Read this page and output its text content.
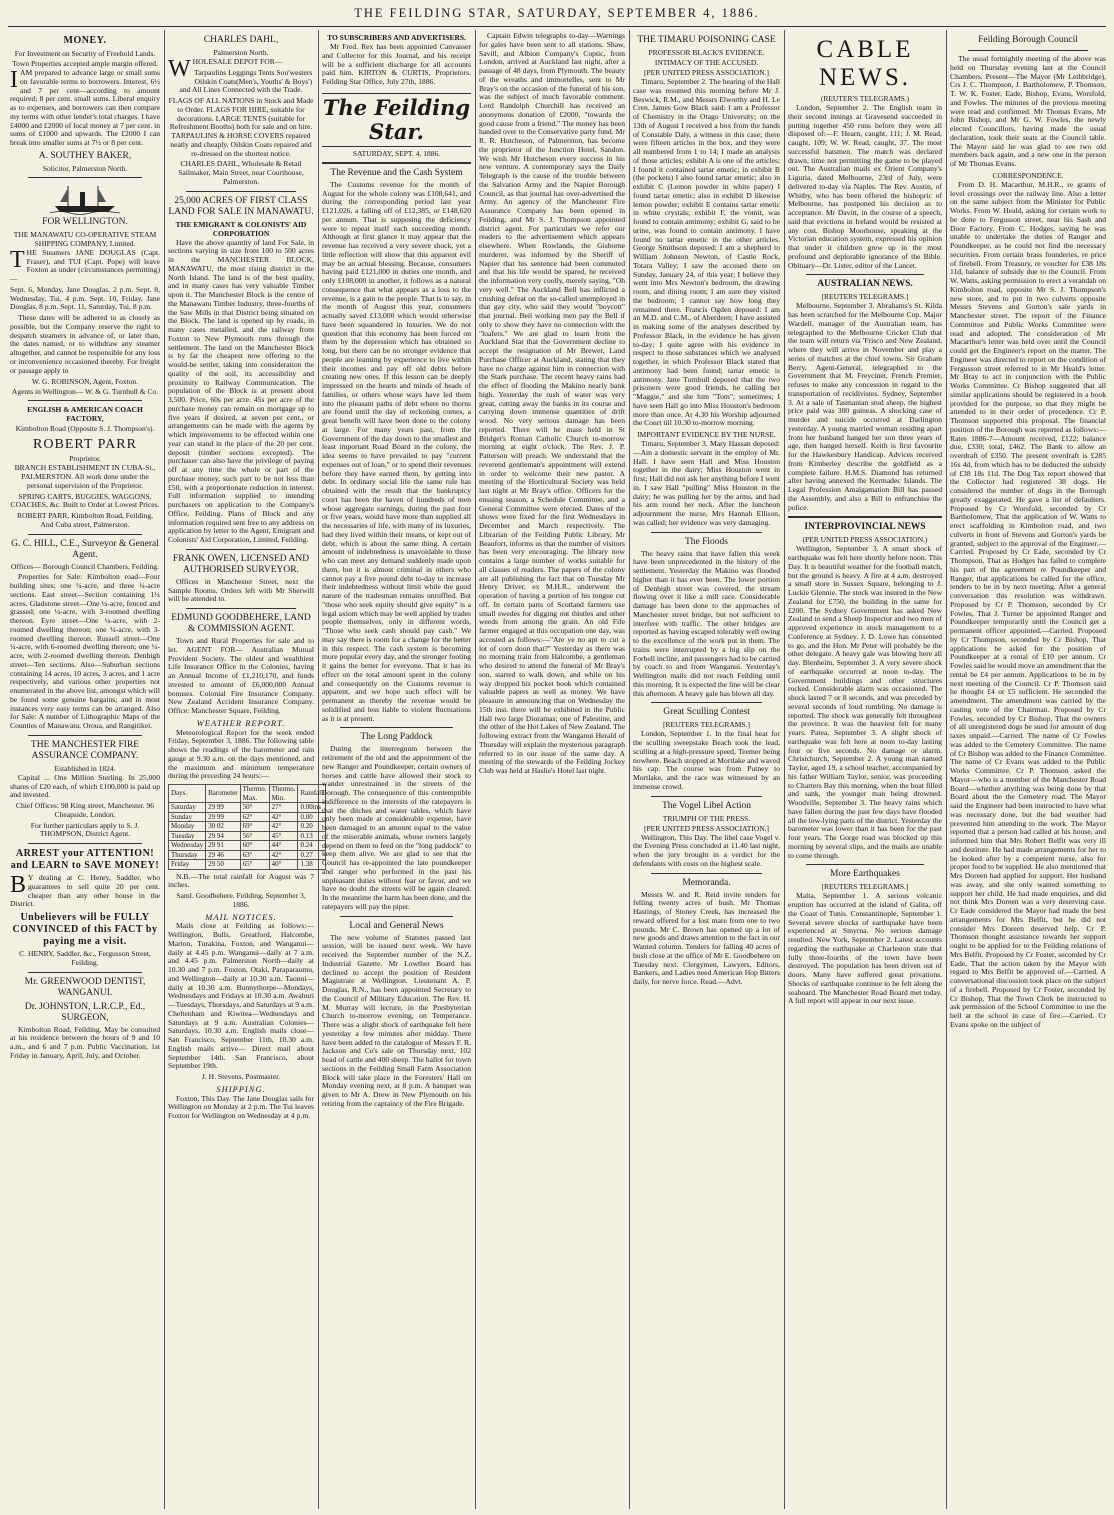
THE FEILDING STAR, SATURDAY, SEPTEMBER 4, 1886.
MONEY.
For Investment on Security of Freehold Lands.
Town Properties accepted ample margin offered.

IAM prepared to advance large or small sums on favorable terms to borrowers. Interest, 6½ and 7 per cent—according to amount required; 8 per cent. small sums. Liberal enquiry as to expenses, and borrowers can then compare my terms with other lender's total charges. I have £4000 and £2000 of local money at 7 per cent. in sums of £1000 and upwards. The £2000 I can break into smaller sums at 7½ or 8 per cent.

A. SOUTHEY BAKER,
Solicitor, Palmerston North.
FOR WELLINGTON.
THE MANAWATU CO-OPERATIVE STEAM SHIPPING COMPANY, Limited.

THE Steamers JANE DOUGLAS (Capt. Fraser), and TUI (Capt. Pope) will leave Foxton as under (circumstances permitting)—

Sept. 6, Monday, Jane Douglas, 2 p.m. Sept. 8, Wednesday, Tui, 4 p.m. Sept. 10, Friday, Jane Douglas, 8 p.m. Sept. 11, Saturday, Tui, 8 p.m.

These dates will be adhered to as closely as possible, but the Company reserve the right to despatch steamers in advance of, or later than, the dates named, or to withdraw any steamer altogether, and cannot be responsible for any loss or inconvenience occasioned thereby. For freight or passage apply to

W. G. ROBINSON, Agent, Foxton.
Agents in Wellington— W. & G. Turnbull & Co.
ENGLISH & AMERICAN COACH FACTORY,
Kimbolton Road (Opposite S. J. Thompson's).
ROBERT PARR
Proprietor.

BRANCH ESTABLISHMENT IN CUBA-St., PALMERSTON. All work done under the personal supervision of the Proprietor.

SPRING CARTS, BUGGIES, WAGGONS, COACHES, &c. Built to Order at Lowest Prices.

ROBERT PARR, Kimbolton Road, Feilding, And Cuba street, Palmerston.

G. C. HILL, C.E., Surveyor & General Agent.

Offices— Borough Council Chambers, Feilding.

Properties for Sale: Kimbolton road—Four building sites; one ¼-acre, and three ¼-acre sections. East street—Section containing 1¼ acres. Gladstone street—One ¼-acre, fenced and grassed; one ¼-acre, with 3-roomed dwelling thereon. Eyre street—One ¼-acre, with 2-roomed dwelling thereon; one ¼-acre, with 3-roomed dwelling thereon. Russell street—One ¼-acre, with 6-roomed dwelling thereon; one ¼-acre, with 2-roomed dwelling thereon. Denbigh street—Ten sections. Also—Suburban sections containing 14 acres, 10 acres, 3 acres, and 1 acre respectively, and various other properties not enumerated in the above list, amongst which will be found some genuine bargains; and in most instances very easy terms can be arranged. Also for Sale: A number of Lithographic Maps of the Counties of Manawatu, Oroua, and Rangitikei.

THE MANCHESTER FIRE ASSURANCE COMPANY.
Established in 1824.

Capital ... One Million Sterling. In 25,000 shares of £20 each, of which £100,000 is paid up and invested.

Chief Offices: 98 King street, Manchester. 96 Cheapside, London.

For further particulars apply to S. J. THOMPSON, District Agent.

ARREST your ATTENTION! and LEARN to SAVE MONEY!

B Y dealing at C. Henry, Saddler, who guarantees to sell quite 20 per cent. cheaper than any other house in the District.

Unbelievers will be FULLY CONVINCED of this FACT by paying me a visit.

C. HENRY, Saddler, &c., Fergusson Street, Feilding.

Mr. GREENWOOD DENTIST, WANGANUI.
Dr. JOHNSTON, L.R.C.P., Ed., SURGEON,

Kimbolton Road, Feilding. May be consulted at his residence between the hours of 9 and 10 a.m., and 6 and 7 p.m. Public Vaccination, 1st Friday in January, April, July, and October.

CHARLES DAHL,
Palmerston North.

WHOLESALE DEPOT FOR—

Tarpaulins Leggings Tents Sou'westers Oilskin Coats(Men's, Youths' & Boys') and All Lines Connected with the Trade.

FLAGS OF ALL NATIONS in Stock and Made to Order. FLAGS FOR HIRE, suitable for decorations. LARGE TENTS (suitable for Refreshment Booths) both for sale and on hire. TARPAULINS & HORSE COVERS repaired neatly and cheaply. Oilskin Coats repaired and re-dressed on the shortest notice.

CHARLES DAHL, Wholesale & Retail Sailmaker, Main Street, near Courthouse, Palmerston.

25,000 ACRES OF FIRST CLASS LAND FOR SALE IN MANAWATU.
THE EMIGRANT & COLONISTS' AID CORPORATION

Have the above quantity of land For Sale, in sections varying in size from 100 to 500 acres in the MANCHESTER BLOCK, MANAWATU, the most rising district in the North Island. The land is of the best quality, and in many cases has very valuable Timber upon it. The Manchester Block is the centre of the Manawatu Timber Industry, three-fourths of the Saw Mills in that District being situated on the Block. The land is opened up by roads, in many cases metalled, and the railway from Foxton to New Plymouth runs through the settlement. The land on the Manchester Block is by far the cheapest now offering to the would-be settler, taking into consideration the quality of the soil, its accessibility and proximity to Railway Communication. The population of the Block is at present about 3,500. Price, 60s per acre. 45s per acre of the purchase money can remain on mortgage up to five years if desired, at seven per cent., or arrangements can be made with the agents by which improvements to be effected within one year can stand in the place of the 20 per cent. deposit (timber sections excepted). The purchaser can also have the privilege of paying off at any time the whole or part of the purchase money, such part to be not less than £50, with a proportionate reduction in interest. Full information supplied to intending purchasers on application to the Company's Office, Feilding. Plans of Block and any information required sent free to any address on application by letter to the Agent, Emigrant and Colonists' Aid Corporation, Limited, Feilding.

FRANK OWEN, LICENSED AND AUTHORISED SURVEYOR.

Offices in Manchester Street, next the Sample Rooms. Orders left with Mr Sherwill will be attended to.

EDMUND GOODBEHERE, LAND & COMMISSION AGENT.

Town and Rural Properties for sale and to let. AGENT FOR— Australian Mutual Provident Society. The oldest and wealthiest Life Insurance Office in the Colonies, having an Annual Income of £1,210,170, and funds invested to amount of £6,000,000 Annual bonuses. Colonial Fire Insurance Company. New Zealand Accident Insurance Company. Office: Manchester Square, Feilding.

WEATHER REPORT.

Meteorological Report for the week ended Friday, September 3, 1886. The following table shows the readings of the barometer and rain gauge at 9.30 a.m. on the days mentioned, and the maximum and minimum temperature during the preceding 24 hours:—

Days.	Barometer	Thermo. Max.	Thermo. Min.	Rainfall
Saturday	29 99	50°	27°	0.00ins
Sunday	29 99	62°	42°	0.00
Monday	30 02	69°	42°	0.20
Tuesday	29 94	56°	45°	0.13
Wednesday	29 91	60°	44°	0.24
Thursday	29 46	63°	42°	0.27
Friday	29 50	65°	40°	1.38

N.B.—The total rainfall for August was 7 inches.

Saml. Goodbehere. Feilding, September 3, 1886.

MAIL NOTICES.

Mails close at Feilding as follows:— Wellington, Bulls, Greatford, Halcombe, Marton, Turakina, Foxton, and Wanganui—daily at 4.45 p.m. Wanganui—daily at 7 a.m. and 4.45 p.m. Palmerston North—daily at 10.30 and 7 p.m. Foxton, Otaki, Paraparaumu, and Wellington—daily at 10.30 a.m. Taonui—daily at 10.30 a.m. Bunnythorpe—Mondays, Wednesdays and Fridays at 10.30 a.m. Awahuri—Tuesdays, Thursdays, and Saturdays at 9 a.m. Cheltenham and Kiwitea—Wednesdays and Saturdays at 9 a.m. Australian Colonies—Saturdays, 10.30 a.m. English mails close— San Francisco, September 11th, 10.30 a.m. English mails arrive— Direct mail about September 14th. San Francisco, about September 19th.

J. H. Stevens, Postmaster.

SHIPPING.

Foxton, This Day. The Jane Douglas sails for Wellington on Monday at 2 p.m. The Tui leaves Foxton for Wellington on Wednesday at 4 p.m.

TO SUBSCRIBERS AND ADVERTISERS.

Mr Fred. Rex has been appointed Canvasser and Collector for this Journal, and his receipt will be a sufficient discharge for all accounts paid him. KIRTON & CURTIS, Proprietors. Feilding Star Office, July 27th, 1886.

The Feilding Star.
SATURDAY, SEPT. 4, 1886.
The Revenue and the Cash System

The Customs revenue for the month of August for the whole colony was £108,641, and during the corresponding period last year £121,026, a falling off of £12,385, or £148,620 per annum. That is supposing the deficiency were to repeat itself each succeeding month. Although at first glance it may appear that the revenue has received a very severe shock, yet a little reflection will show that this apparent evil may be an actual blessing. Because, consumers having paid £121,000 in duties one month, and only £108,000 in another, it follows as a natural consequence that what appears as a loss to the revenue, is a gain to the people. That is to say, in the month of August this year, consumers actually saved £13,000 which would otherwise have been squandered in luxuries. We do not question that this economy has been forced on them by the depression which has obtained so long, but there can be no stronger evidence that people are learning by experience to live within their incomes and pay off old debts before creating new ones. If this lesson can be deeply impressed on the hearts and minds of heads of families, or others whose ways have led them into the pleasant paths of debt where no thorns are found until the day of reckoning comes, a great benefit will have been done to the colony at large. For many years past, from the Government of the day down to the smallest and least important Road Board in the colony, the idea seems to have prevailed to pay "current expenses out of loan," or to spend their revenues before they have earned them, by getting into debt. In ordinary social life the same rule has obtained with the result that the bankruptcy court has been the haven of hundreds of men whose aggregate earnings, during the past four or five years, would have more than supplied all the necessaries of life, with many of its luxuries, had they lived within their means, or kept out of debt, which is about the same thing. A certain amount of indebtedness is unavoidable to those who can meet any demand suddenly made upon them, but it is almost criminal in others who cannot pay a five pound debt to-day to increase their indebtedness without limit while the good nature of the tradesman remains unruffled. But "those who seek equity should give equity" is a legal axiom which may be well applied by trades people themselves, only in different words, "Those who seek cash should pay cash." We may say there is room for a change for the better in this respect. The cash system is becoming more popular every day, and the stronger footing it gains the better for everyone. That it has its effect on the total amount spent in the colony and consequently on the Customs revenue is apparent, and we hope such effect will be permanent as thereby the revenue would be solidified and less liable to violent fluctuations as it is at present.

The Long Paddock

During the interregnum between the retirement of the old and the appointment of the new Ranger and Poundkeeper, certain owners of horses and cattle have allowed their stock to wander unrestrained in the streets of the Borough. The consequence of this contemptible indifference to the interests of the ratepayers is that the ditches and water tables, which have only been made at considerable expense, have been damaged to an amount equal to the value of the miserable animals, whose owners largely depend on them to feed on the "long paddock" to keep them alive. We are glad to see that the Council has re-appointed the late poundkeeper and ranger who performed in the past his unpleasant duties without fear or favor, and we have no doubt the streets will be again cleared. In the meantime the harm has been done, and the ratepayers will pay the piper.

Local and General News

The new volume of Statutes passed last session, will be issued next week. We have received the September number of the N.Z. Industrial Gazette. Mr Lowther Board has declined to accept the position of Resident Magistrate at Wellington. Lieutenant A. P. Douglas, R.N., has been appointed Secretary to the Council of Military Education. The Rev. H. M. Murray will lecture, in the Presbyterian Church to-morrow evening, on Temperance. There was a slight shock of earthquake felt here yesterday a few minutes after midday. There have been added to the catalogue of Messrs F. R. Jackson and Co's sale on Thursday next, 102 head of cattle and 400 sheep. The ballot for town sections in the Feilding Small Farm Association Block will take place in the Foresters' Hall on Monday evening next, at 8 p.m. A banquet was given to Mr A. Drew in New Plymouth on his retiring from the captaincy of the Fire Brigade.

Captain Edwin telegraphs to-day—Warnings for gales have been sent to all stations. Shaw, Savill, and Albion Company's Coptic, from London, arrived at Auckland last night, after a passage of 48 days, from Plymouth. The beauty of the wreaths and immortelles, sent to Mr Bray's on the occasion of the funeral of his son, was the subject of much favorable comment. Lord Randolph Churchill has received an anonymous donation of £2000, "towards the good cause from a friend." The money has been handed over to the Conservative party fund. Mr R. R. Hutcheson, of Palmerston, has become the proprietor of the Junction Hotel, Sandon. We wish Mr Hutcheson every success in his new venture. A contemporary says the Daily Telegraph is the cause of the trouble between the Salvation Army and the Napier Borough Council, as that journal has over-advertised the Army. An agency of the Manchester Fire Assurance Company has been opened in Feilding, and Mr S. J. Thompson appointed district agent. For particulars we refer our readers to the advertisement which appears elsewhere. When Rowlands, the Gisborne murderer, was informed by the Sheriff of Napier that his sentence had been commuted and that his life would be spared, he received the information very coolly, merely saying, "Oh very well." The Auckland Bell has inflicted a crushing defeat on the so-called unemployed in that gay city, who said they would "boycott" that journal. Beil working men pay the Bell if only to show they have no connection with the "loafers." We are glad to learn from the Auckland Star that the Government decline to accept the resignation of Mr Brewer, Land Purchase Officer at Auckland, stating that they have no charge against him in connection with the Stark purchase. The recent heavy rains had the effect of flooding the Makino nearly bank high. Yesterday the rush of water was very great, cutting away the banks in its course and carrying down immense quantities of drift wood. No very serious damage has been reported. There will be mass held in St Bridget's Roman Catholic Church to-morrow morning at eight o'clock. The Rev. J. P. Patterson will preach. We understand that the reverend gentleman's appointment will extend in order to welcome their new pastor. A meeting of the Horticultural Society was held last night at Mr Bray's office. Officers for the ensuing season, a Schedule Committee, and a General Committee were elected. Dates of the shows were fixed for the first Wednesdays in December and March respectively. The Librarian of the Feilding Public Library, Mr Beaufort, informs us that the number of visitors has been very encouraging. The library now contains a large number of works suitable for all classes of readers. The papers of the colony are all publishing the fact that on Tuesday Mr Henry Driver, ex M.H.R., underwent the operation of having a portion of his tongue cut off. In certain parts of Scotland farmers use small swedes for digging out thistles and other weeds from among the grain. An old Fife farmer engaged at this occupation one day, was accosted as follows:—"Are ye no apt to cut a lot of corn doon that?" Yesterday as there was no morning train from Halcombe, a gentleman who desired to attend the funeral of Mr Bray's son, started to walk down, and while on his way dropped his pocket book which contained valuable papers as well as money. We have pleasure in announcing that on Wednesday the 15th inst. there will be exhibited in the Public Hall two large Dioramas; one of Palestine, and the other of the Hot Lakes of New Zealand. The following extract from the Wanganui Herald of Thursday will explain the mysterious paragraph referred to in our issue of the same day. A meeting of the stewards of the Feilding Jockey Club was held at Haslie's Hotel last night.

THE TIMARU POISONING CASE
PROFESSOR BLACK'S EVIDENCE.
INTIMACY OF THE ACCUSED.
[PER UNITED PRESS ASSOCIATION.]

Timaru, September 2. The hearing of the Hall case was resumed this morning before Mr J. Beswick, R.M., and Messrs Elworthy and H. Le Cren. James Gow Black said: I am a Professor of Chemistry in the Otago University; on the 13th of August I received a box from the hands of Constable Daly, a witness in this case; there were fifteen articles in the box, and they were all numbered from 1 to 14; I made an analysis of those articles; exhibit A is one of the articles; I found it contained tartar emetic; in exhibit B (the pockets) I also found tartar emetic; also in exhibit C (Lemon powder in white paper) I found tartar emetic; also in exhibit D likewise lemon powder; exhibit E contains tartar emetic in white crystals; exhibit F, the vomit, was found to contain antimony; exhibit G, said to be urine, was found to contain antimony. I have found no tartar emetic in the other articles. George Smithson deposed: I am a shepherd to William Johnson Newton, of Castle Rock, Totara Valley; I saw the accused there on Sunday, January 24, of this year; I believe they went into Mrs Newton's bedroom, the drawing room, and dining room; I am sure they visited the bedroom; I cannot say how long they remained there. Francis Ogden deposed: I am an M.D. and C.M., of Aberdeen; I have assisted in making some of the analyses described by Professor Black, in the evidence he has given to-day; I quite agree with his evidence in respect to those substances which we analysed together, in which Professor Black stated that antimony had been found; tartar emetic is antimony. Jane Turnbull deposed that the two prisoners were good friends, he calling her "Maggie," and she him "Tom"; sometimes; I have seen Hall go into Miss Houston's bedroom more than once. At 4.30 his Worship adjourned the Court till 10.30 to-morrow morning.

IMPORTANT EVIDENCE BY THE NURSE.

Timaru, September 3. Mary Hassan deposed:—Am a domestic servant in the employ of Mr. Hall. I have seen Hall and Miss Houston together in the dairy; Miss Houston went in first; Hall did not ask her anything before I went in. I saw Hall "pulling" Miss Houston in the dairy; he was pulling her by the arms, and had his arm round her neck. After the luncheon adjournment the nurse, Mrs Hannah Ellison, was called; her evidence was very damaging.

The Floods

The heavy rains that have fallen this week have been unprecedented in the history of the settlement. Yesterday the Makino was flooded higher than it has ever been. The lower portion of Denbigh street was covered, the stream flowing over it like a mill race. Considerable damage has been done to the approaches of Manchester street bridge, but not sufficient to interfere with traffic. The other bridges are reported as having escaped tolerably well owing to the excellence of the work put in them. The trains were interrupted by a big slip on the Forbell incline, and passengers had to be carried by coach to and from Wanganui. Yesterday's Wellington mails did not reach Feilding until this morning. It is expected the line will be clear this afternoon. A heavy gale has blown all day.

Great Sculling Contest
[REUTERS TELEGRAMS.]

London, September 1. In the final heat for the sculling sweepstake Beach took the lead, sculling at a high-pressure speed, Teemer being nowhere. Beach stopped at Mortlake and waved his cap. The course was from Putney to Mortlake, and the race was witnessed by an immense crowd.

The Vogel Libel Action
TRIUMPH OF THE PRESS.
[PER UNITED PRESS ASSOCIATION.]

Wellington, This Day. The libel case Vogel v. the Evening Press concluded at 11.40 last night, when the jury brought in a verdict for the defendants with costs on the highest scale.

Memoranda.

Messrs W. and R. Reid invite tenders for felling twenty acres of bush. Mr Thomas Hastings, of Stoney Creek, has increased the reward offered for a lost mare from one to two pounds. Mr C. Brown has opened up a lot of new goods and draws attention to the fact in our Wanted column. Tenders for falling 40 acres of bush close at the office of Mr E. Goodbehere on Tuesday next. Clergymen, Lawyers, Editors, Bankers, and Ladies need American Hop Bitters daily, for nerve force. Read.—Advt.

CABLE NEWS.
(REUTER'S TELEGRAMS.)

London, September 2. The English team in their second innings at Gravesend succeeded in putting together 450 runs before they were all disposed of:—F. Hearn, caught, 111; J. M. Read, caught, 109; W. W. Read, caught, 37. The most successful batsmen. The match was declared drawn, time not permitting the game to be played out. The Australian mails ex Orient Company's Liguria, dated Melbourne, 23rd of July, were delivered to-day via Naples. The Rev. Austin, of Whitby, who has been offered the bishopric of Melbourne, has postponed his decision as to acceptance. Mr Davitt, in the course of a speech, said that evictions in Ireland would be resisted at any cost. Bishop Moorhouse, speaking at the Victorian education system, expressed his opinion that under it children grew up in the most profound and deplorable ignorance of the Bible. Obituary—Dr. Lister, editor of the Lancet.

AUSTRALIAN NEWS.
[REUTERS TELEGRAMS.]

Melbourne, September 3. Abrahams's St. Kilda has been scratched for the Melbourne Cup. Major Wardell, manager of the Australian team, has telegraphed to the Melbourne Cricket Club that the team will return via 'Frisco and New Zealand, where they will arrive in November and play a series of matches at the chief towns. Sir Graham Berry, Agent-General, telegraphed to the Government that M. Freycinet, French Premier, refuses to make any concession in regard to the transportation of recidivistes. Sydney, September 3. At a sale of Tasmanian stud sheep, the highest price paid was 300 guineas. A shocking case of murder and suicide occurred at Darlington yesterday. A young married woman residing apart from her husband hanged her son three years of age, then hanged herself. Keith is first favourite for the Hawkesbury Handicap. Advices received from Kimberley describe the goldfield as a complete failure. H.M.S. Diamond has returned after having annexed the Kermadec Islands. The Legal Profession Amalgamation Bill has passed the Assembly, and also a Bill to enfranchise the police.

INTERPROVINCIAL NEWS
(PER UNITED PRESS ASSOCIATION.)

Wellington, September 3. A smart shock of earthquake was felt here shortly before noon. This Day. It is beautiful weather for the football match, but the ground is heavy. A fire at 4 a.m. destroyed a small store in Sussex Square, belonging to J. Luckie Glennie. The stock was insured in the New Zealand for £750, the building in the same for £200. The Sydney Government has asked New Zealand to send a Sheep Inspector and two men of approved experience in stock management to a Conference at Sydney. J. D. Lowe has consented to go, and the Hon. Mr Peter will probably be the other delegate. A heavy gale was blowing here all day. Blenheim, September 3. A very severe shock of earthquake occurred at noon to-day. The Government buildings and other structures rocked. Considerable alarm was occasioned. The shock lasted 7 or 8 seconds, and was preceded by several seconds of loud rumbling. No damage is reported. The shock was generally felt throughout the province. It was the heaviest felt for many years. Patea, September 3. A slight shock of earthquake was felt here at noon to-day lasting four or five seconds. No damage or alarm. Christchurch, September 2. A young man named Taylor, aged 19, a school teacher, accompanied by his father William Taylor, senior, was proceeding to Charters Bay this morning, when the boat filled and sank, the younger man being drowned. Woodville, September 3. The heavy rains which have fallen during the past few days have flooded all the low-lying parts of the district. Yesterday the barometer was lower than it has been for the past four years. The Gorge road was blocked up this morning by several slips, and the mails are unable to come through.

More Earthquakes
[REUTERS TELEGRAMS.]

Malta, September 1. A serious volcanic eruption has occurred at the island of Galita, off the Coast of Tunis. Constantinople, September 1. Several severe shocks of earthquake have been experienced at Smyrna. No serious damage resulted. New York, September 2. Latest accounts regarding the earthquake at Charleston state that fully three-fourths of the town have been destroyed. The population has been driven out of doors. Many have suffered great privations. Shocks of earthquake continue to be felt along the seaboard. The Manchester Road Board met today. A full report will appear in our next issue.

Feilding Borough Council

The usual fortnightly meeting of the above was held on Thursday evening last at the Council Chambers. Present—The Mayor (Mr Lethbridge), Crs J. C. Thompson, J. Bartholomew, P. Thomson, T. W. K. Foster, Eade, Bishop, Evans, Worsfold, and Fowles. The minutes of the previous meeting were read and confirmed. Mr Thomas Evans, Mr John Bishop, and Mr G. W. Fowles, the newly elected Councillors, having made the usual declaration, took their seats at the Council table. The Mayor said he was glad to see two old members back again, and a new one in the person of Mr Thomas Evans.

CORRESPONDENCE.

From D. H. Macarthur, M.H.R., re grants of level crossings over the railway line. Also a letter on the same subject from the Minister for Public Works. From W. Heald, asking for certain work to be done to Fergusson street, near his Sash and Door Factory. From C. Hodges, saying he was unable to undertake the duties of Ranger and Poundkeeper, as he could not find the necessary securities. From certain brass founderies, re price of firebell. From Treasury, re voucher for £38 18s 11d, balance of subsidy due to the Council. From W. Watts, asking permission to erect a verandah on Kimbolton road, opposite Mr S. J. Thompson's new store, and to put in two culverts opposite Messrs Stevens and Gorton's sale yards in Manchester street. The report of the Finance Committee and Public Works Committee were read and adopted. The consideration of Mr Macarthur's letter was held over until the Council could get the Engineer's report on the matter. The Engineer was directed to report on the condition of Fergusson street referred to in Mr Heald's letter. Mr Bray to act in conjunction with the Public Works Committee. Cr Bishop suggested that all similar applications should be registered in a book provided for the purpose, so that they might be attended to in their order of precedence. Cr P. Thomson supported this proposal. The financial position of the Borough was reported as follows:—Rates 1886-7—Amount received, £122; balance due, £330; total, £462. The Bank to allow an overdraft of £350. The present overdraft is £285 16s 4d, from which has to be deducted the subsidy of £38 18s 11d. The Dog Tax report showed that the Collector had registered 38 dogs. He considered the number of dogs in the Borough greatly exaggerated. He gave a list of defaulters. Proposed by Cr Worsfold, seconded by Cr Bartholomew, That the application of W. Watts to erect scaffolding in Kimbolton road, and two culverts in front of Stevens and Gorton's yards be granted, subject to the approval of the Engineer.—Carried. Proposed by Cr Eade, seconded by Cr Thompson, That as Hodges has failed to complete his part of the agreement re Poundkeeper and Ranger, that applications be called for the office, tenders to be in by next meeting. After a general conversation this resolution was withdrawn. Proposed by Cr P. Thomson, seconded by Cr Fowles, That J. Turner be appointed Ranger and Poundkeeper temporarily until the Council get a permanent officer appointed.—Carried. Proposed by Cr Thompson, seconded by Cr Bishop, That applications be asked for the position of Poundkeeper at a rental of £10 per annum. Cr Fowles said he would move an amendment that the rental be £4 per annum. Applications to be in by next meeting of the Council. Cr P. Thomson said he thought £4 or £5 sufficient. He seconded the amendment. The amendment was carried by the casting vote of the Chairman. Proposed by Cr Fowles, seconded by Cr Bishop, That the owners of all unregistered dogs be sued for amount of dog taxes unpaid.—Carried. The name of Cr Fowles was added to the Cemetery Committee. The name of Cr Bishop was added to the Finance Committee. The name of Cr Evans was added to the Public Works Committee. Cr P. Thomson asked the Mayor—who is a member of the Manchester Road Board—whether anything was being done by that Board about the the Cemetery road. The Mayor said the Engineer had been instructed to have what was necessary done, but the bad weather had prevented him attending to the work. The Mayor reported that a person had called at his house, and informed him that Mrs Robert Belfit was very ill and destitute. He had made arrangements for her to be looked after by a competent nurse, also for proper food to be supplied. He also mentioned that Mrs Doreen had applied for support. Her husband was away, and she only wanted something to support her child. He had made enquiries, and did not think Mrs Doreen was a very deserving case. Cr Eade considered the Mayor had made the best arrangements for Mrs Belfit, but he did not consider Mrs Doreen deserved help. Cr P. Thomson thought assistance towards her support ought to be applied for to the Feilding relations of Mrs Belfit. Proposed by Cr Foster, seconded by Cr Eade, That the action taken by the Mayor with regard to Mrs Belfit be approved of.—Carried. A conversational discussion took place on the subject of a firebell. Proposed by Cr Foster, seconded by Cr Bishop, That the Town Clerk be instructed to ask permission of the School Committee to use the bell at the school in case of fire.—Carried. Cr Evans spoke on the subject of
